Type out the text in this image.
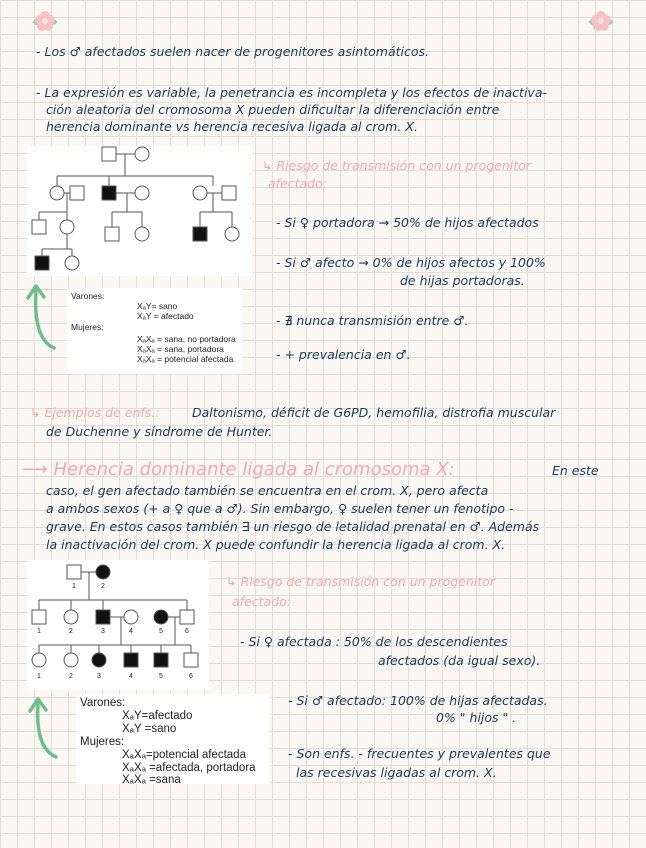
- Los ♂ afectados suelen nacer de progenitores asintomáticos.
- La expresión es variable, la penetrancia es incompleta y los efectos de inactiva-
ción aleatoria del cromosoma X pueden dificultar la diferenciación entre
herencia dominante vs herencia recesiva ligada al crom. X.
Varones:
XₐY= sano
XₐY = afectado
Mujeres:
XₐXₐ = sana, no portadora
XₐXₐ = sana, portadora
XₐXₐ = potencial afectada
↳ Riesgo de transmisión con un progenitor
afectado:
- Si ♀ portadora → 50% de hijos afectados
- Si ♂ afecto → 0% de hijos afectos y 100%
de hijas portadoras.
- ∄ nunca transmisión entre ♂.
- + prevalencia en ♂.
↳ Ejemplos de enfs.:	Daltonismo, déficit de G6PD, hemofilia, distrofia muscular
de Duchenne y síndrome de Hunter.
⟶ Herencia dominante ligada al cromosoma X:	En este
caso, el gen afectado también se encuentra en el crom. X, pero afecta
a ambos sexos (+ a ♀ que a ♂). Sin embargo, ♀ suelen tener un fenotipo -
grave. En estos casos también ∃ un riesgo de letalidad prenatal en ♂. Además
la inactivación del crom. X puede confundir la herencia ligada al crom. X.
1	2
1	2	3	4	5	6
1	2	3	4	5	6
Varones:
XₐY=afectado
XₐY =sano
Mujeres:
XₐXₐ=potencial afectada
XₐXₐ =afectada, portadora
XₐXₐ =sana
↳ Riesgo de transmisión con un progenitor
afectado:
- Si ♀ afectada : 50% de los descendientes
afectados (da igual sexo).
- Si ♂ afectado: 100% de hijas afectadas.
0% " hijos " .
- Son enfs. - frecuentes y prevalentes que
las recesivas ligadas al crom. X.
